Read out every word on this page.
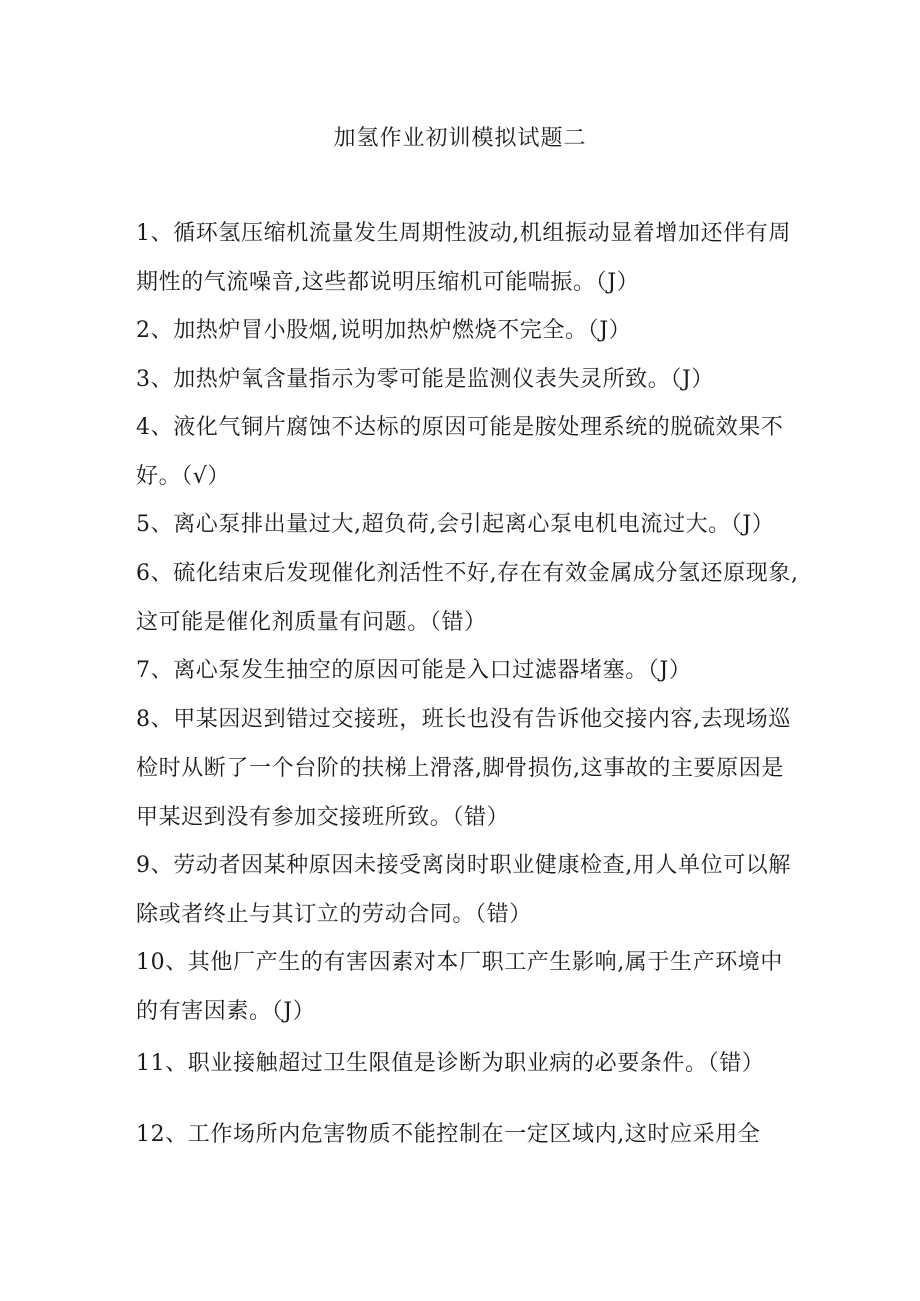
加氢作业初训模拟试题二

1、循环氢压缩机流量发生周期性波动,机组振动显着增加还伴有周期性的气流噪音,这些都说明压缩机可能喘振。（J）

2、加热炉冒小股烟,说明加热炉燃烧不完全。（J）

3、加热炉氧含量指示为零可能是监测仪表失灵所致。（J）

4、液化气铜片腐蚀不达标的原因可能是胺处理系统的脱硫效果不好。（√）

5、离心泵排出量过大,超负荷,会引起离心泵电机电流过大。（J）

6、硫化结束后发现催化剂活性不好,存在有效金属成分氢还原现象,这可能是催化剂质量有问题。（错）

7、离心泵发生抽空的原因可能是入口过滤器堵塞。（J）

8、甲某因迟到错过交接班，班长也没有告诉他交接内容,去现场巡检时从断了一个台阶的扶梯上滑落,脚骨损伤,这事故的主要原因是甲某迟到没有参加交接班所致。（错）

9、劳动者因某种原因未接受离岗时职业健康检查,用人单位可以解除或者终止与其订立的劳动合同。（错）

10、其他厂产生的有害因素对本厂职工产生影响,属于生产环境中的有害因素。（J）

11、职业接触超过卫生限值是诊断为职业病的必要条件。（错）

12、工作场所内危害物质不能控制在一定区域内,这时应采用全
